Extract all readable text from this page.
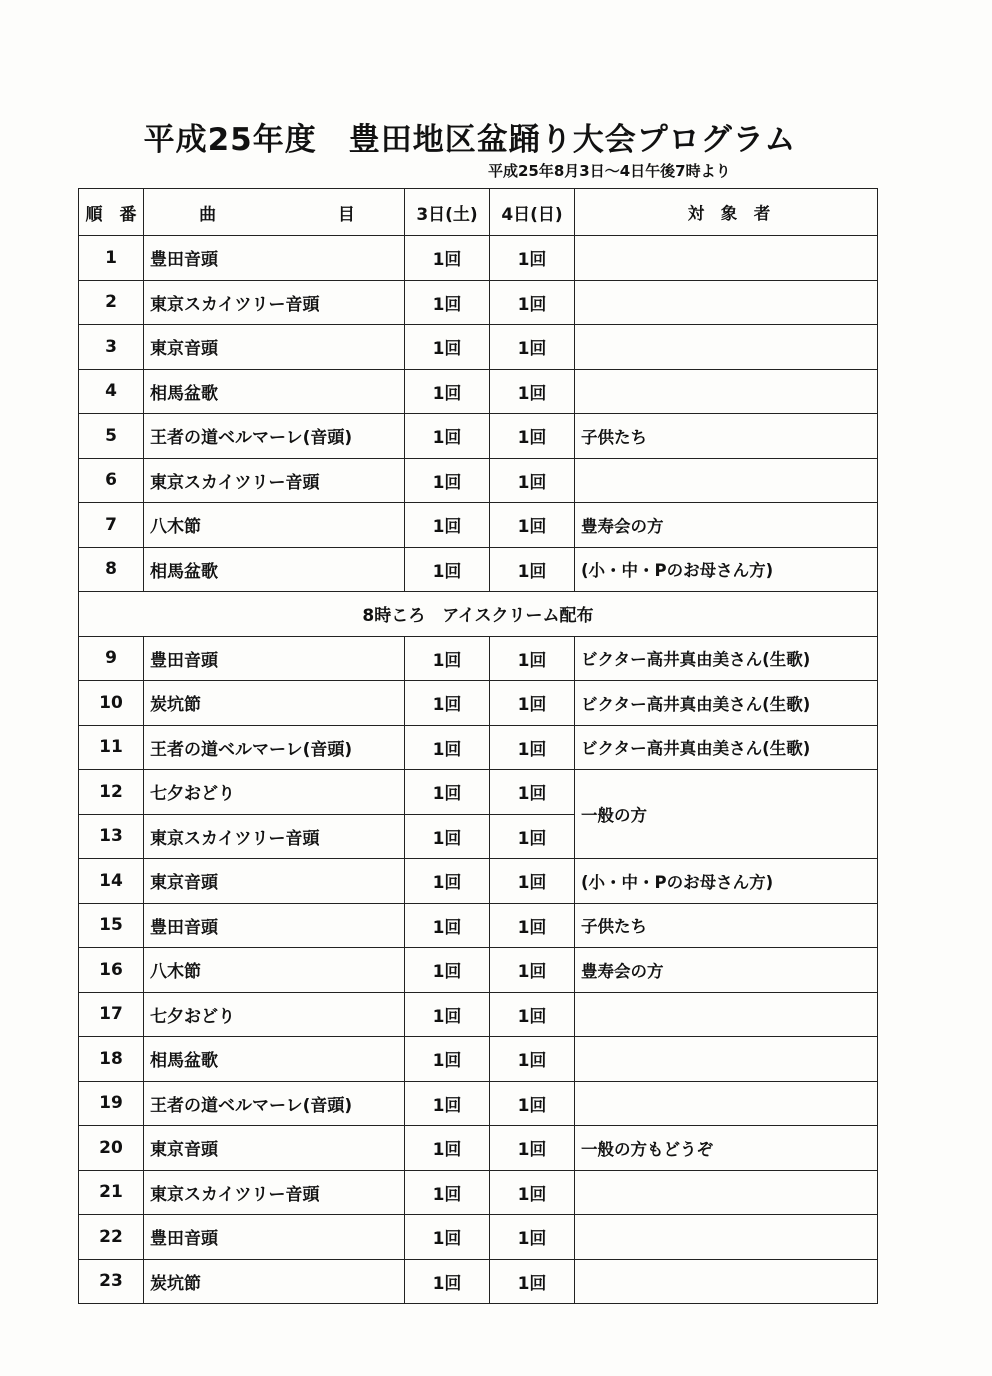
平成25年度　豊田地区盆踊り大会プログラム
平成25年8月3日～4日午後7時より
順　番	曲 目	3日(土)	4日(日)	対　象　者
1	豊田音頭	1回	1回	
2	東京スカイツリー音頭	1回	1回	
3	東京音頭	1回	1回	
4	相馬盆歌	1回	1回	
5	王者の道ベルマーレ(音頭)	1回	1回	子供たち
6	東京スカイツリー音頭	1回	1回	
7	八木節	1回	1回	豊寿会の方
8	相馬盆歌	1回	1回	(小・中・Pのお母さん方)
8時ころ　アイスクリーム配布				
9	豊田音頭	1回	1回	ビクター高井真由美さん(生歌)
10	炭坑節	1回	1回	ビクター高井真由美さん(生歌)
11	王者の道ベルマーレ(音頭)	1回	1回	ビクター高井真由美さん(生歌)
12	七夕おどり	1回	1回	一般の方
13	東京スカイツリー音頭	1回	1回	
14	東京音頭	1回	1回	(小・中・Pのお母さん方)
15	豊田音頭	1回	1回	子供たち
16	八木節	1回	1回	豊寿会の方
17	七夕おどり	1回	1回	
18	相馬盆歌	1回	1回	
19	王者の道ベルマーレ(音頭)	1回	1回	
20	東京音頭	1回	1回	一般の方もどうぞ
21	東京スカイツリー音頭	1回	1回	
22	豊田音頭	1回	1回	
23	炭坑節	1回	1回	
